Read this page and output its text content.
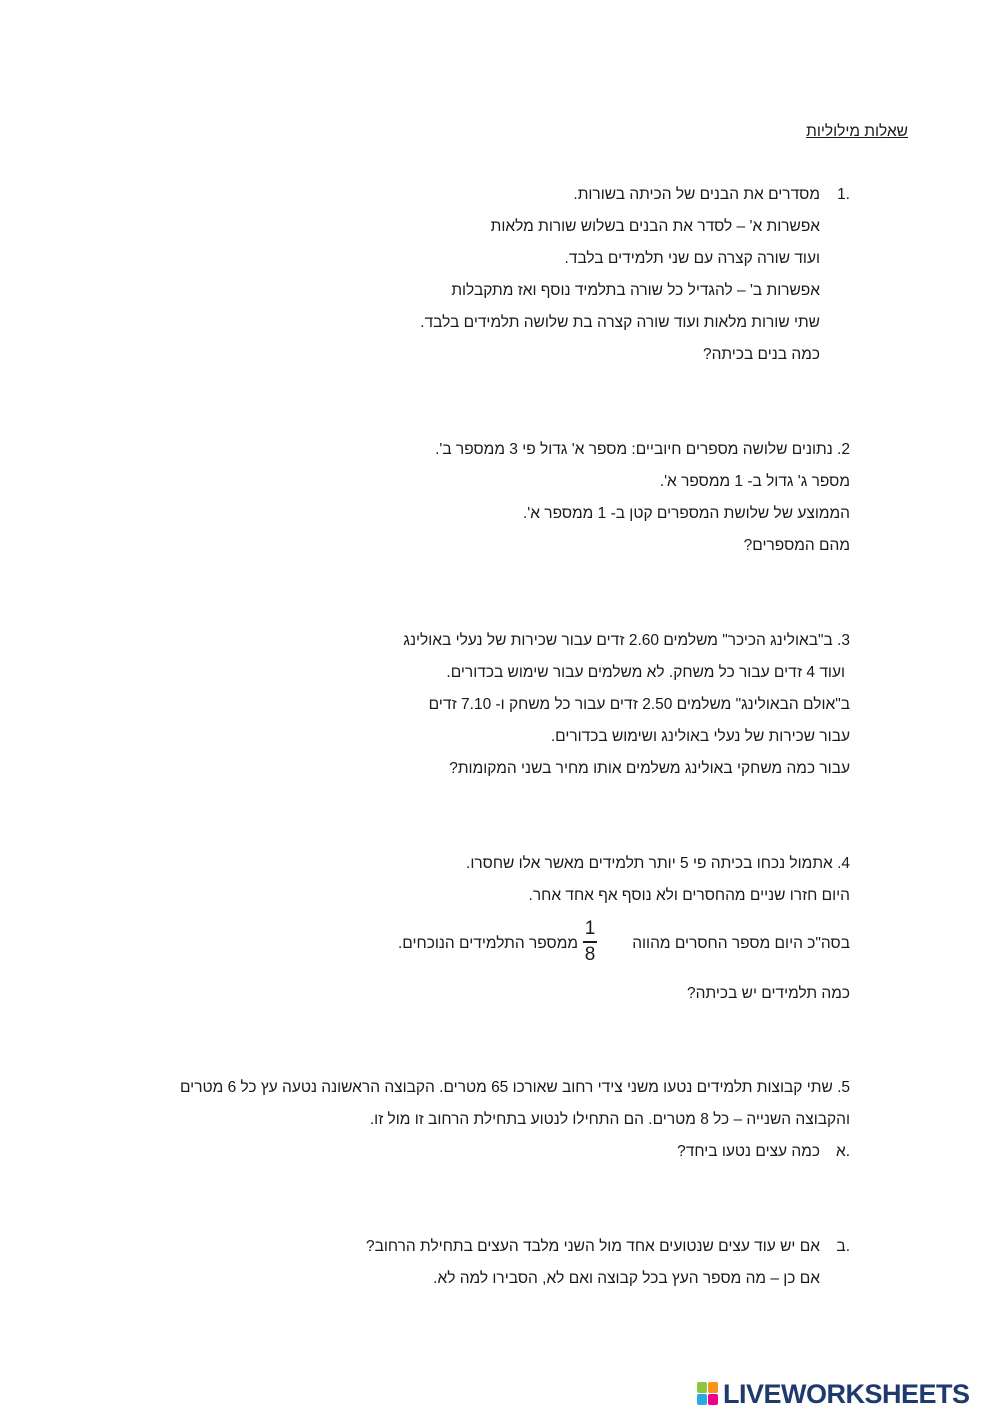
שאלות מילוליות
1.
מסדרים את הבנים של הכיתה בשורות.
אפשרות א' – לסדר את הבנים בשלוש שורות מלאות
ועוד שורה קצרה עם שני תלמידים בלבד.
אפשרות ב' – להגדיל כל שורה בתלמיד נוסף ואז מתקבלות
שתי שורות מלאות ועוד שורה קצרה בת שלושה תלמידים בלבד.
כמה בנים בכיתה?
2. נתונים שלושה מספרים חיוביים: מספר א' גדול פי 3 ממספר ב'.
מספר ג' גדול ב- 1 ממספר א'.
הממוצע של שלושת המספרים קטן ב- 1 ממספר א'.
מהם המספרים?
3. ב"באולינג הכיכר" משלמים 2.60 זדים עבור שכירות של נעלי באולינג
ועוד 4 זדים עבור כל משחק. לא משלמים עבור שימוש בכדורים.
ב"אולם הבאולינג" משלמים 2.50 זדים עבור כל משחק ו- 7.10 זדים
עבור שכירות של נעלי באולינג ושימוש בכדורים.
עבור כמה משחקי באולינג משלמים אותו מחיר בשני המקומות?
4. אתמול נכחו בכיתה פי 5 יותר תלמידים מאשר אלו שחסרו.
היום חזרו שניים מהחסרים ולא נוסף אף אחד אחר.
בסה"כ היום מספר החסרים מהווה
1
8
ממספר התלמידים הנוכחים.
כמה תלמידים יש בכיתה?
5. שתי קבוצות תלמידים נטעו משני צידי רחוב שאורכו 65 מטרים. הקבוצה הראשונה נטעה עץ כל 6 מטרים
והקבוצה השנייה – כל 8 מטרים. הם התחילו לנטוע בתחילת הרחוב זו מול זו.
א.
כמה עצים נטעו ביחד?
ב.
אם יש עוד עצים שנטועים אחד מול השני מלבד העצים בתחילת הרחוב?
אם כן – מה מספר העץ בכל קבוצה ואם לא, הסבירו למה לא.
LIVEWORKSHEETS
